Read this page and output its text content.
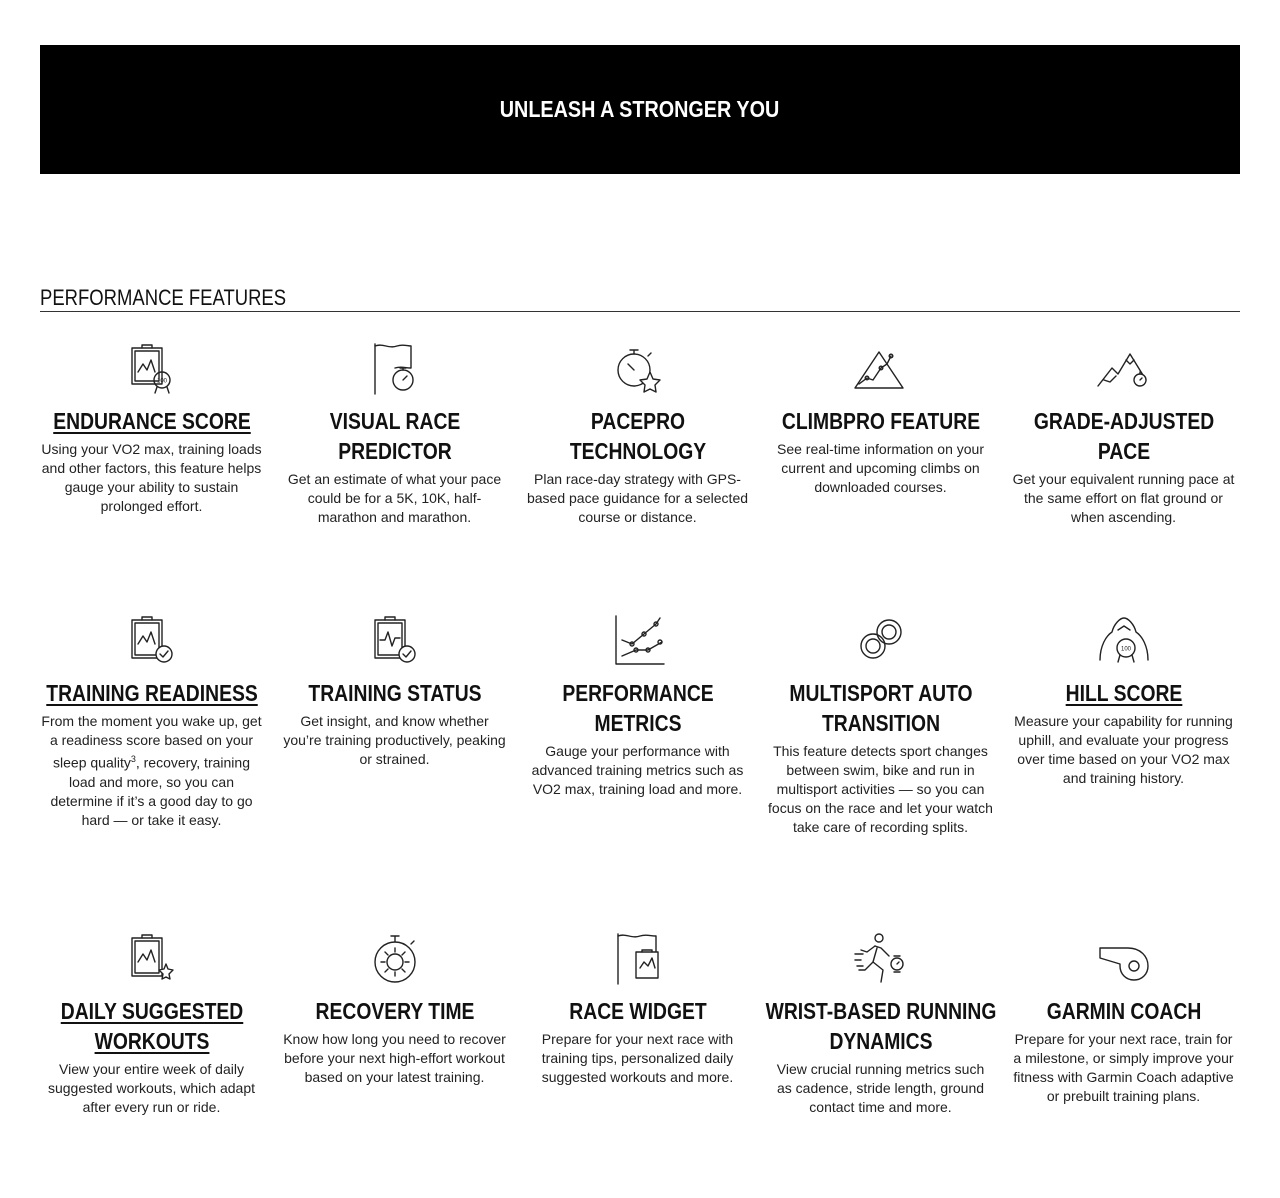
UNLEASH A STRONGER YOU
PERFORMANCE FEATURES
100
ENDURANCE SCORE
Using your VO2 max, training loads and other factors, this feature helps gauge your ability to sustain prolonged effort.
VISUAL RACE PREDICTOR
Get an estimate of what your pace could be for a 5K, 10K, half-marathon and marathon.
PACEPRO TECHNOLOGY
Plan race-day strategy with GPS-based pace guidance for a selected course or distance.
CLIMBPRO FEATURE
See real-time information on your current and upcoming climbs on downloaded courses.
GRADE-ADJUSTED PACE
Get your equivalent running pace at the same effort on flat ground or when ascending.
TRAINING READINESS
From the moment you wake up, get a readiness score based on your sleep quality$^3$, recovery, training load and more, so you can determine if it’s a good day to go hard — or take it easy.
TRAINING STATUS
Get insight, and know whether you’re training productively, peaking or strained.
PERFORMANCE METRICS
Gauge your performance with advanced training metrics such as VO2 max, training load and more.
MULTISPORT AUTO
TRANSITION
This feature detects sport changes between swim, bike and run in multisport activities — so you can focus on the race and let your watch take care of recording splits.
100
HILL SCORE
Measure your capability for running uphill, and evaluate your progress over time based on your VO2 max and training history.
DAILY SUGGESTED
WORKOUTS
View your entire week of daily suggested workouts, which adapt after every run or ride.
RECOVERY TIME
Know how long you need to recover before your next high-effort workout based on your latest training.
RACE WIDGET
Prepare for your next race with training tips, personalized daily suggested workouts and more.
WRIST-BASED RUNNING
DYNAMICS
View crucial running metrics such as cadence, stride length, ground contact time and more.
GARMIN COACH
Prepare for your next race, train for a milestone, or simply improve your fitness with Garmin Coach adaptive or prebuilt training plans.
